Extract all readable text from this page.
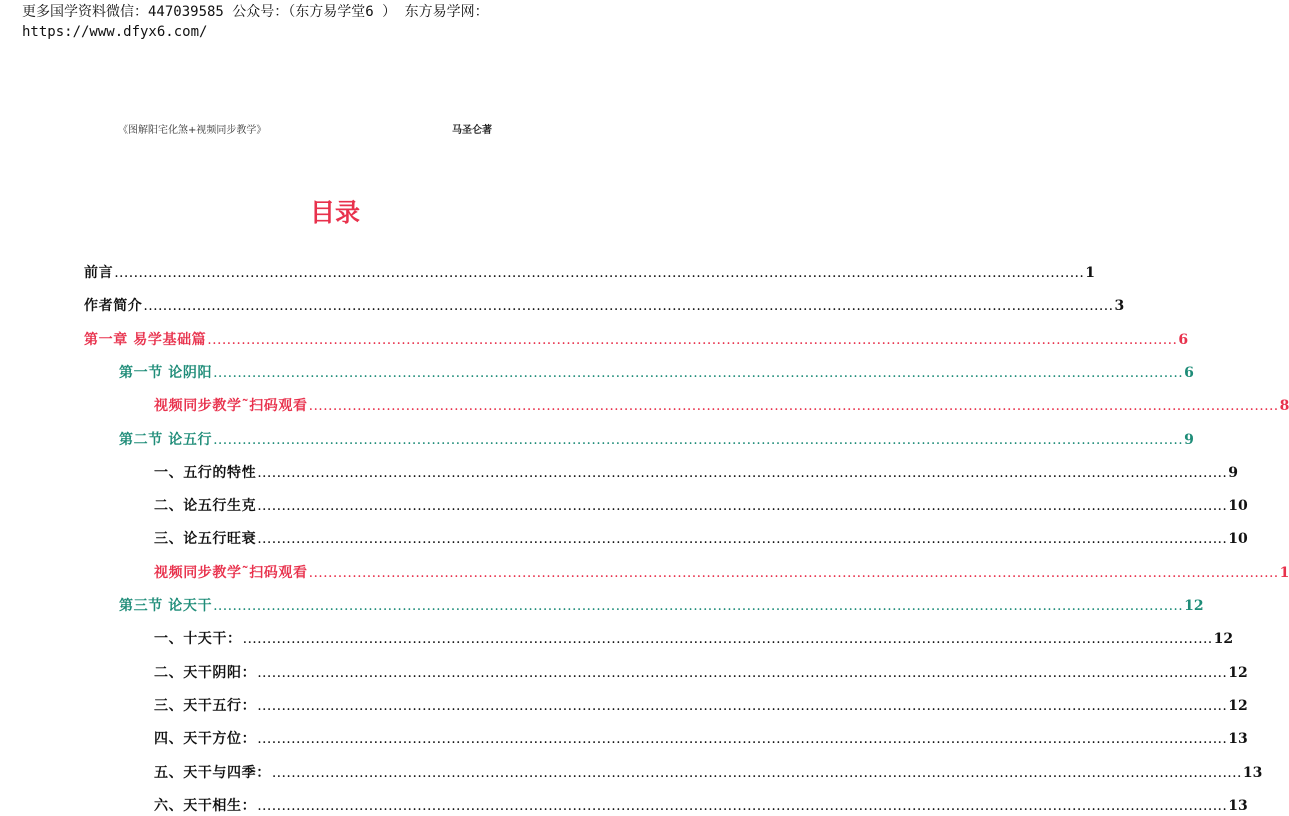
更多国学资料微信：447039585 公众号：（东方易学堂6 ） 东方易学网：
https://www.dfyx6.com/
《图解阳宅化煞+视频同步教学》	马圣仑著
目录
前言 ........................................................................................................................................................................................................ 1
作者简介 ........................................................................................................................................................................................................ 3
第一章 易学基础篇 ........................................................................................................................................................................................................ 6
第一节 论阴阳 ........................................................................................................................................................................................................ 6
视频同步教学˜扫码观看 ........................................................................................................................................................................................................ 8
第二节 论五行 ........................................................................................................................................................................................................ 9
一、五行的特性 ........................................................................................................................................................................................................ 9
二、论五行生克 ........................................................................................................................................................................................................ 10
三、论五行旺衰 ........................................................................................................................................................................................................ 10
视频同步教学˜扫码观看 ........................................................................................................................................................................................................ 1
第三节 论天干 ........................................................................................................................................................................................................ 12
一、十天干： ........................................................................................................................................................................................................ 12
二、天干阴阳： ........................................................................................................................................................................................................ 12
三、天干五行： ........................................................................................................................................................................................................ 12
四、天干方位： ........................................................................................................................................................................................................ 13
五、天干与四季： ........................................................................................................................................................................................................ 13
六、天干相生： ........................................................................................................................................................................................................ 13
